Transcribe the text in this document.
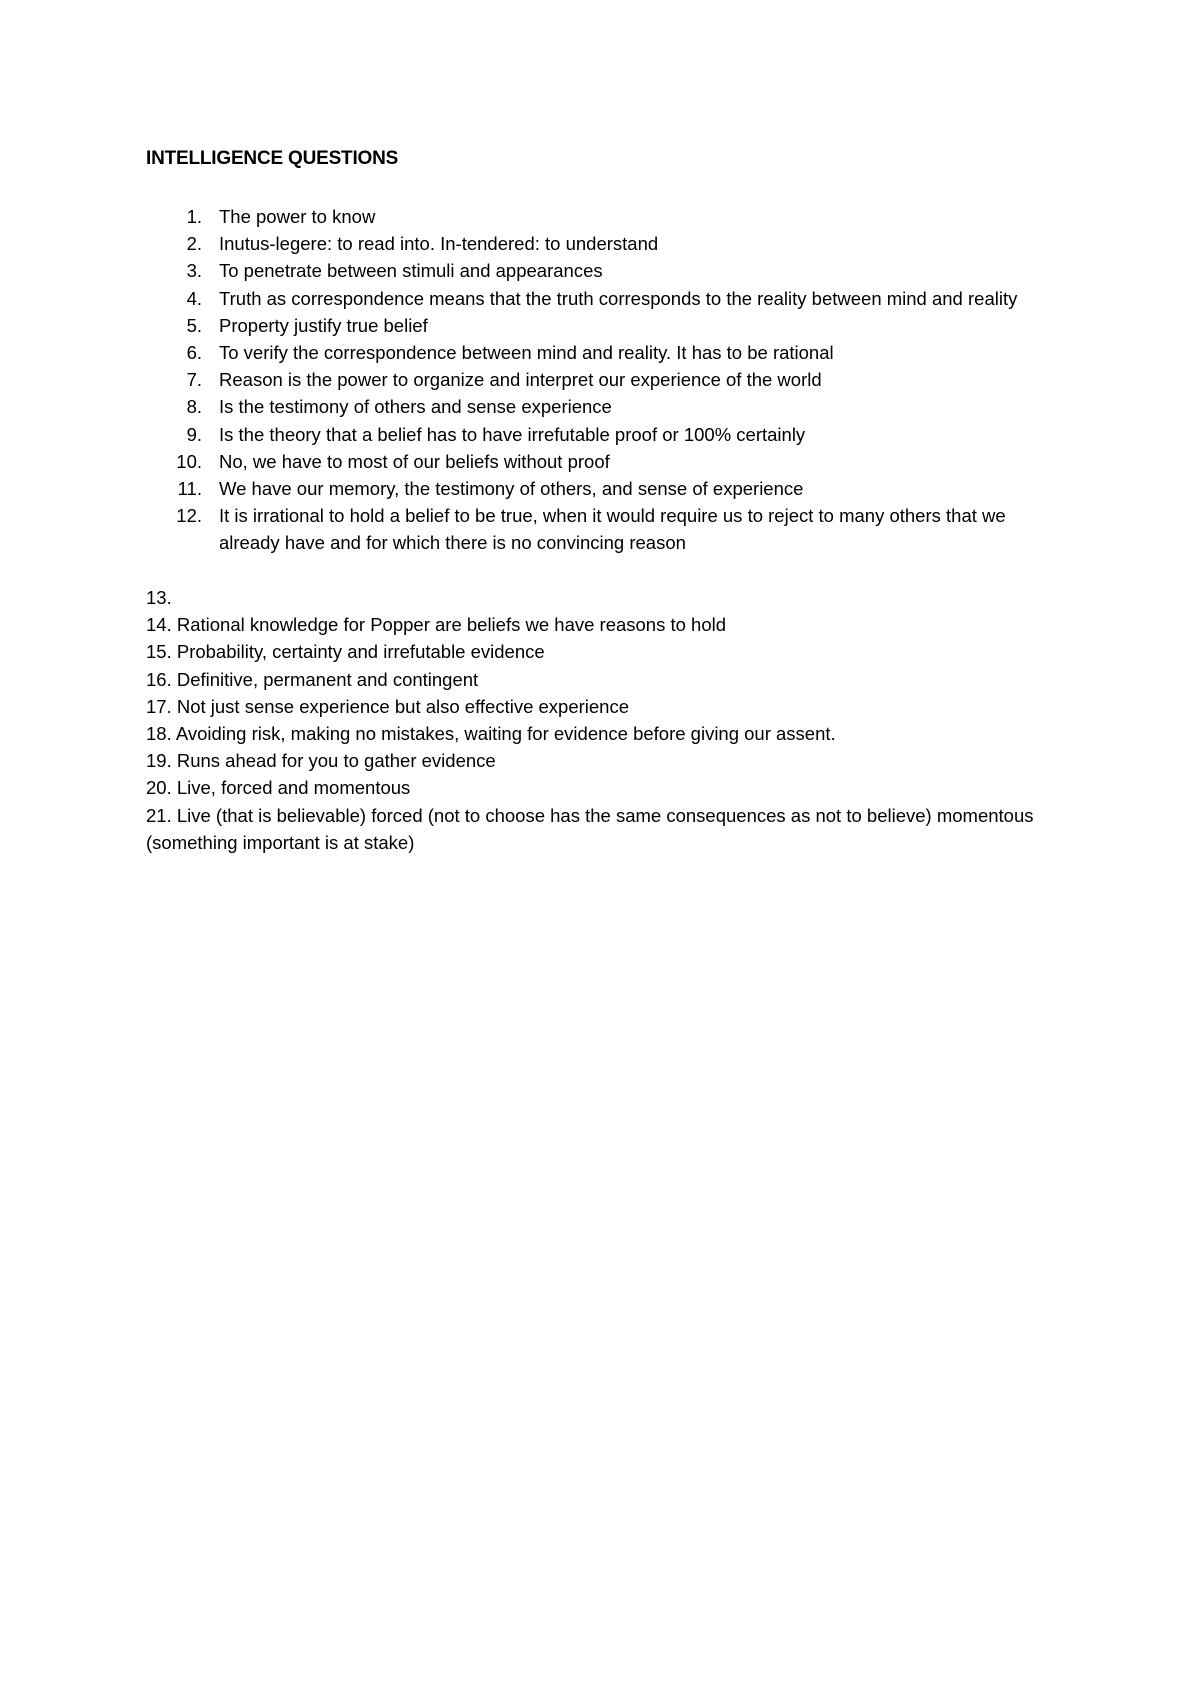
INTELLIGENCE QUESTIONS
1. The power to know
2. Inutus-legere: to read into. In-tendered: to understand
3. To penetrate between stimuli and appearances
4. Truth as correspondence means that the truth corresponds to the reality between mind and reality
5. Property justify true belief
6. To verify the correspondence between mind and reality. It has to be rational
7. Reason is the power to organize and interpret our experience of the world
8. Is the testimony of others and sense experience
9. Is the theory that a belief has to have irrefutable proof or 100% certainly
10. No, we have to most of our beliefs without proof
11. We have our memory, the testimony of others, and sense of experience
12. It is irrational to hold a belief to be true, when it would require us to reject to many others that we already have and for which there is no convincing reason
13.
14. Rational knowledge for Popper are beliefs we have reasons to hold
15. Probability, certainty and irrefutable evidence
16. Definitive, permanent and contingent
17. Not just sense experience but also effective experience
18. Avoiding risk, making no mistakes, waiting for evidence before giving our assent.
19. Runs ahead for you to gather evidence
20. Live, forced and momentous
21. Live (that is believable) forced (not to choose has the same consequences as not to believe) momentous (something important is at stake)
